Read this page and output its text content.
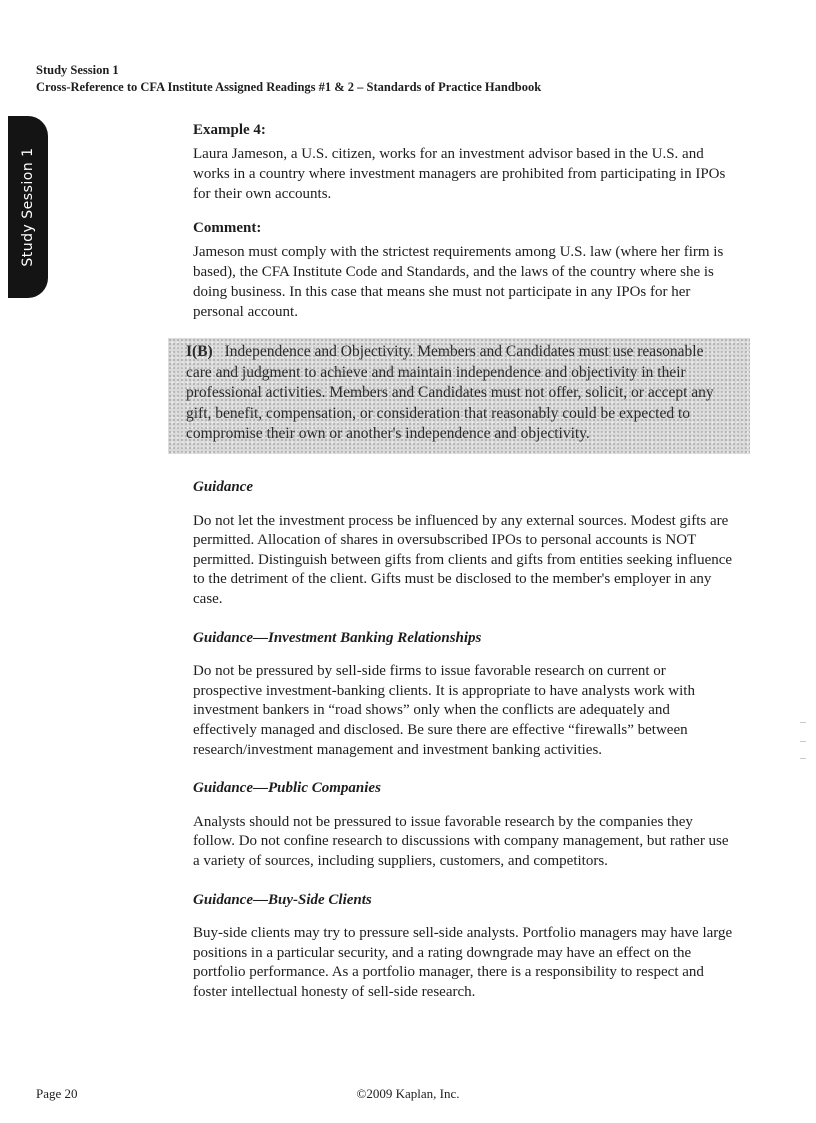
Study Session 1
Cross-Reference to CFA Institute Assigned Readings #1 & 2 – Standards of Practice Handbook
Study Session 1
Example 4:

Laura Jameson, a U.S. citizen, works for an investment advisor based in the U.S. and works in a country where investment managers are prohibited from participating in IPOs for their own accounts.

Comment:

Jameson must comply with the strictest requirements among U.S. law (where her firm is based), the CFA Institute Code and Standards, and the laws of the country where she is doing business. In this case that means she must not participate in any IPOs for her personal account.

I(B) Independence and Objectivity. Members and Candidates must use reasonable care and judgment to achieve and maintain independence and objectivity in their professional activities. Members and Candidates must not offer, solicit, or accept any gift, benefit, compensation, or consideration that reasonably could be expected to compromise their own or another's independence and objectivity.
Guidance

Do not let the investment process be influenced by any external sources. Modest gifts are permitted. Allocation of shares in oversubscribed IPOs to personal accounts is NOT permitted. Distinguish between gifts from clients and gifts from entities seeking influence to the detriment of the client. Gifts must be disclosed to the member's employer in any case.

Guidance—Investment Banking Relationships

Do not be pressured by sell-side firms to issue favorable research on current or prospective investment-banking clients. It is appropriate to have analysts work with investment bankers in “road shows” only when the conflicts are adequately and effectively managed and disclosed. Be sure there are effective “firewalls” between research/investment management and investment banking activities.

Guidance—Public Companies

Analysts should not be pressured to issue favorable research by the companies they follow. Do not confine research to discussions with company management, but rather use a variety of sources, including suppliers, customers, and competitors.

Guidance—Buy-Side Clients

Buy-side clients may try to pressure sell-side analysts. Portfolio managers may have large positions in a particular security, and a rating downgrade may have an effect on the portfolio performance. As a portfolio manager, there is a responsibility to respect and foster intellectual honesty of sell-side research.

Page 20	©2009 Kaplan, Inc.
